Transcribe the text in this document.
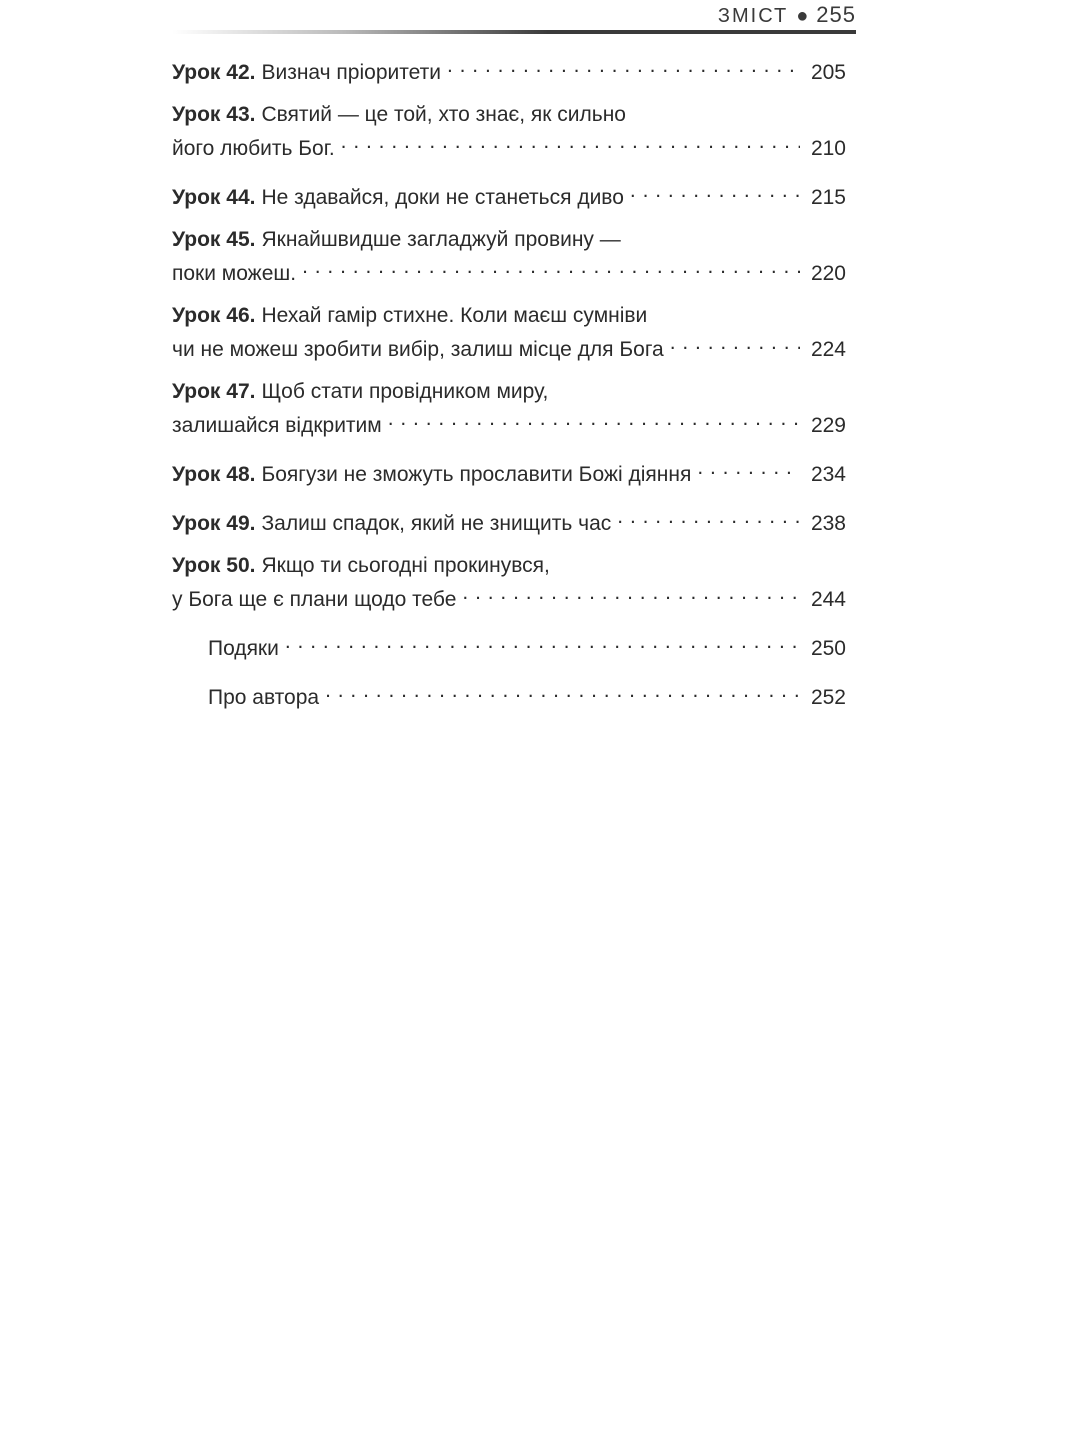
ЗМІСТ ● 255
Урок 42. Визнач пріоритети . . .	205
Урок 43. Святий — це той, хто знає, як сильно
його любить Бог. . . .	210
Урок 44. Не здавайся, доки не станеться диво . . .	215
Урок 45. Якнайшвидше загладжуй провину —
поки можеш. . . .	220
Урок 46. Нехай гамір стихне. Коли маєш сумніви
чи не можеш зробити вибір, залиш місце для Бога . . .	224
Урок 47. Щоб стати провідником миру,
залишайся відкритим . . .	229
Урок 48. Боягузи не зможуть прославити Божі діяння . . .	234
Урок 49. Залиш спадок, який не знищить час . . .	238
Урок 50. Якщо ти сьогодні прокинувся,
у Бога ще є плани щодо тебе . . .	244
Подяки . . .	250
Про автора . . .	252
